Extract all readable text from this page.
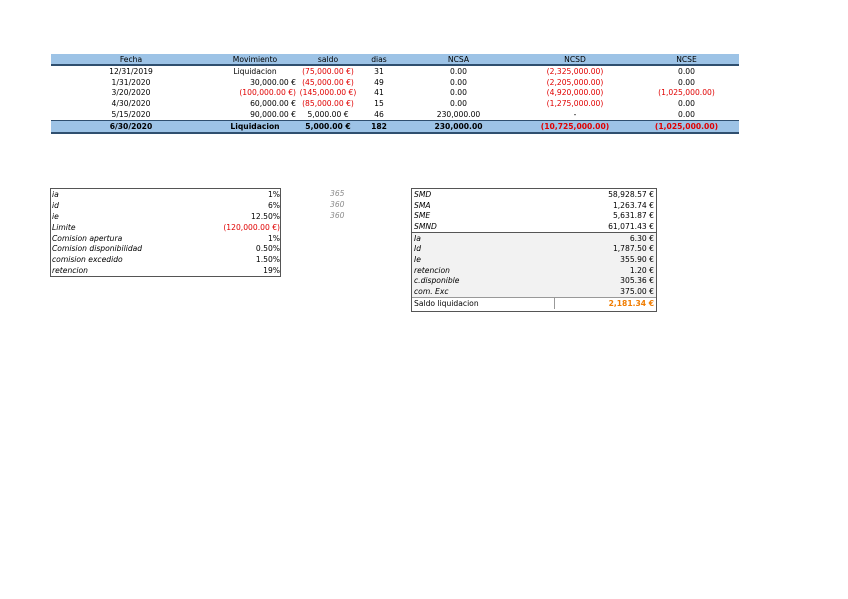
Fecha	Movimiento	saldo	dias	NCSA	NCSD	NCSE
12/31/2019	Liquidacion	(75,000.00 €)	31	0.00	(2,325,000.00)	0.00
1/31/2020	30,000.00 €	(45,000.00 €)	49	0.00	(2,205,000.00)	0.00
3/20/2020	(100,000.00 €)	(145,000.00 €)	41	0.00	(4,920,000.00)	(1,025,000.00)
4/30/2020	60,000.00 €	(85,000.00 €)	15	0.00	(1,275,000.00)	0.00
5/15/2020	90,000.00 €	5,000.00 €	46	230,000.00	-	0.00
6/30/2020	Liquidacion	5,000.00 €	182	230,000.00	(10,725,000.00)	(1,025,000.00)
ia	1%
id	6%
ie	12.50%
Limite	(120,000.00 €)
Comision apertura	1%
Comision disponibilidad	0.50%
comision excedido	1.50%
retencion	19%
365
360
360
SMD	58,928.57 €
SMA	1,263.74 €
SME	5,631.87 €
SMND	61,071.43 €
Ia	6.30 €
Id	1,787.50 €
Ie	355.90 €
retencion	1.20 €
c.disponible	305.36 €
com. Exc	375.00 €
Saldo liquidacion	2,181.34 €
